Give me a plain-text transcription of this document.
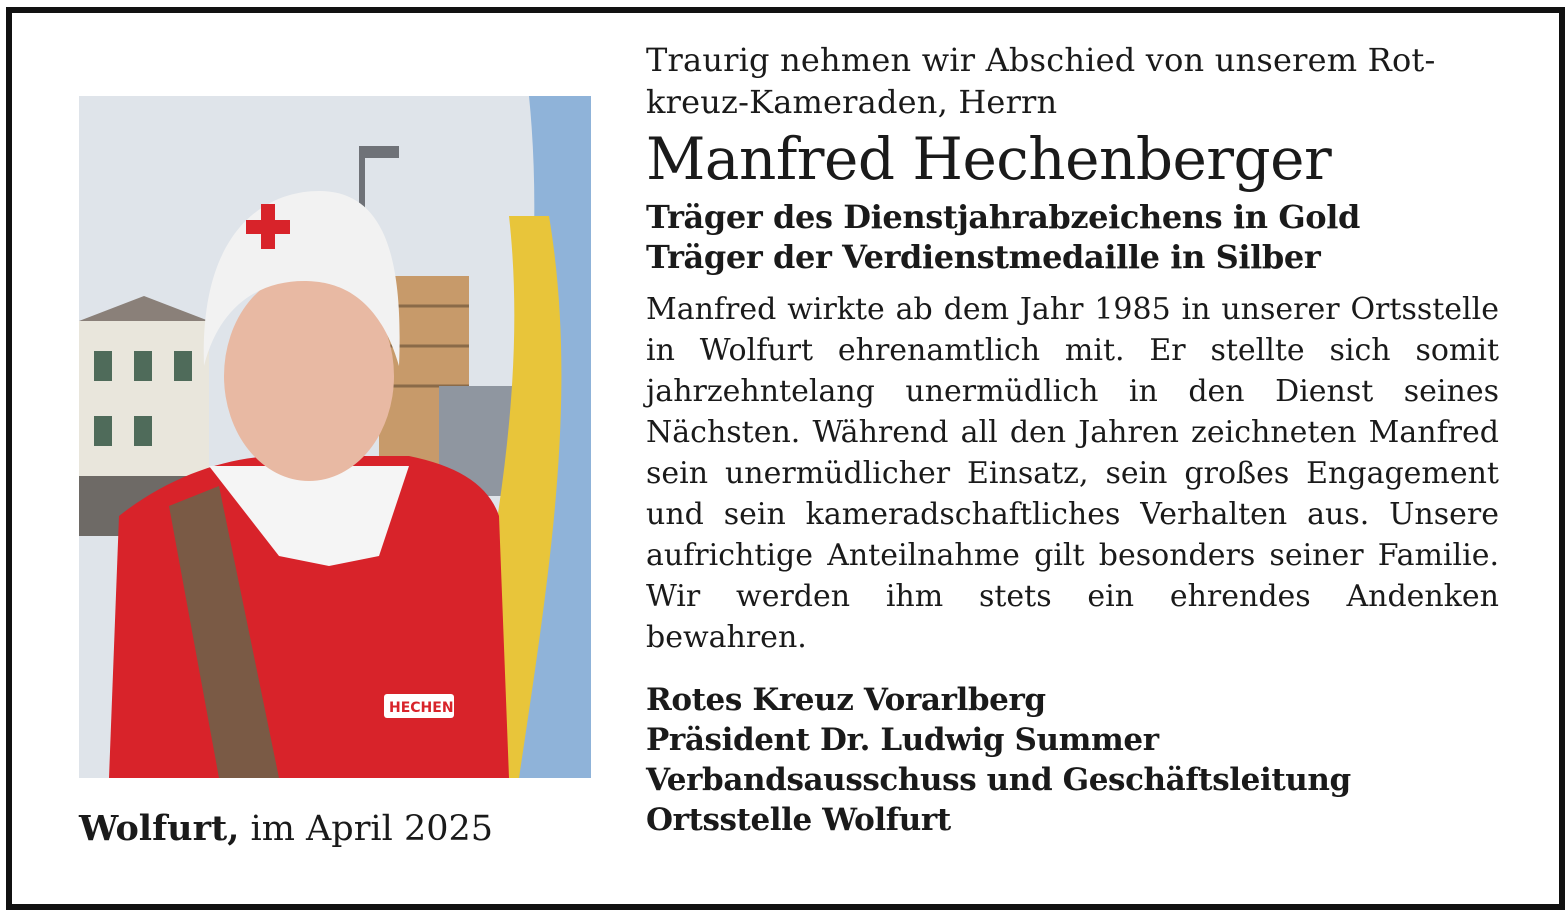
HECHEN
Wolfurt, im April 2025

Traurig nehmen wir Abschied von unserem Rotkreuz-Kameraden, Herrn

Manfred Hechenberger
Träger des Dienstjahrabzeichens in Gold
Träger der Verdienstmedaille in Silber

Manfred wirkte ab dem Jahr 1985 in unserer Ortsstelle in Wolfurt ehrenamtlich mit. Er stellte sich somit jahrzehntelang unermüdlich in den Dienst seines Nächsten. Während all den Jahren zeichneten Manfred sein unermüdlicher Einsatz, sein großes Engagement und sein kameradschaftliches Verhalten aus. Unsere aufrichtige Anteilnahme gilt besonders seiner Familie. Wir werden ihm stets ein ehrendes Andenken bewahren.

Rotes Kreuz Vorarlberg
Präsident Dr. Ludwig Summer
Verbandsausschuss und Geschäftsleitung
Ortsstelle Wolfurt
